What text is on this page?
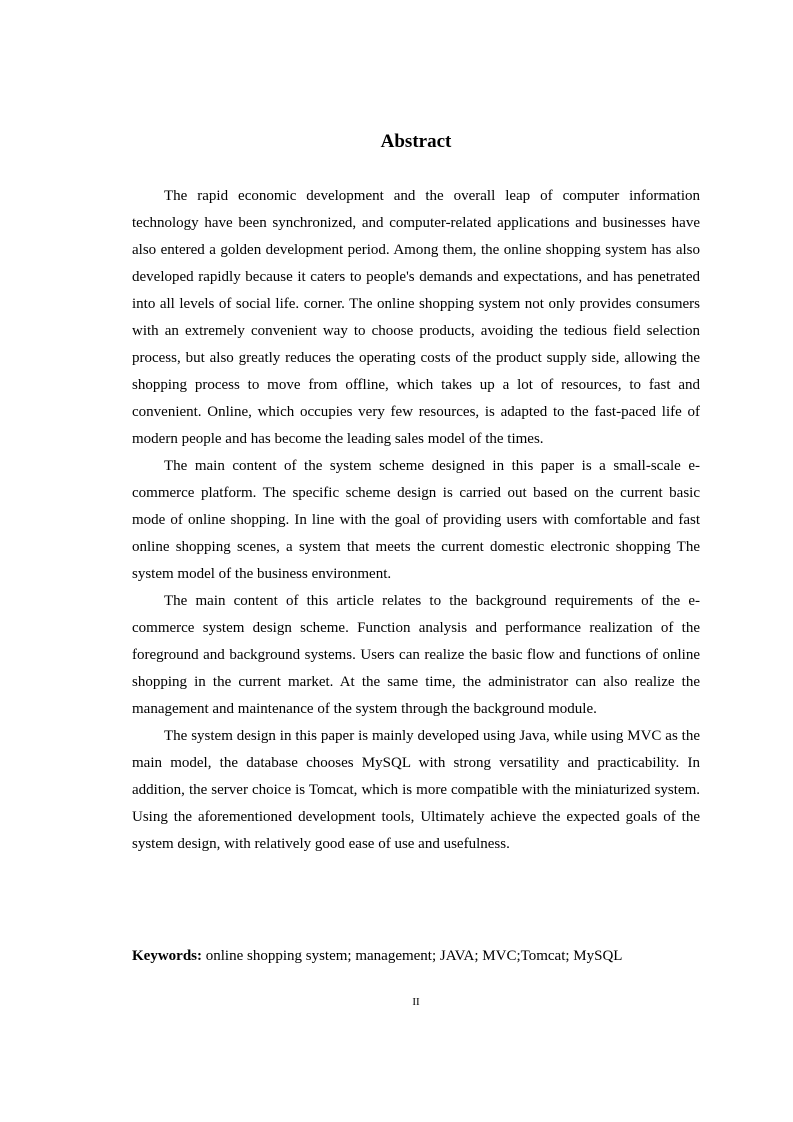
Abstract

The rapid economic development and the overall leap of computer information technology have been synchronized, and computer-related applications and businesses have also entered a golden development period. Among them, the online shopping system has also developed rapidly because it caters to people's demands and expectations, and has penetrated into all levels of social life. corner. The online shopping system not only provides consumers with an extremely convenient way to choose products, avoiding the tedious field selection process, but also greatly reduces the operating costs of the product supply side, allowing the shopping process to move from offline, which takes up a lot of resources, to fast and convenient. Online, which occupies very few resources, is adapted to the fast-paced life of modern people and has become the leading sales model of the times.

The main content of the system scheme designed in this paper is a small-scale e-commerce platform. The specific scheme design is carried out based on the current basic mode of online shopping. In line with the goal of providing users with comfortable and fast online shopping scenes, a system that meets the current domestic electronic shopping The system model of the business environment.

The main content of this article relates to the background requirements of the e-commerce system design scheme. Function analysis and performance realization of the foreground and background systems. Users can realize the basic flow and functions of online shopping in the current market. At the same time, the administrator can also realize the management and maintenance of the system through the background module.

The system design in this paper is mainly developed using Java, while using MVC as the main model, the database chooses MySQL with strong versatility and practicability. In addition, the server choice is Tomcat, which is more compatible with the miniaturized system. Using the aforementioned development tools, Ultimately achieve the expected goals of the system design, with relatively good ease of use and usefulness.

Keywords: online shopping system; management; JAVA; MVC;Tomcat; MySQL

II
